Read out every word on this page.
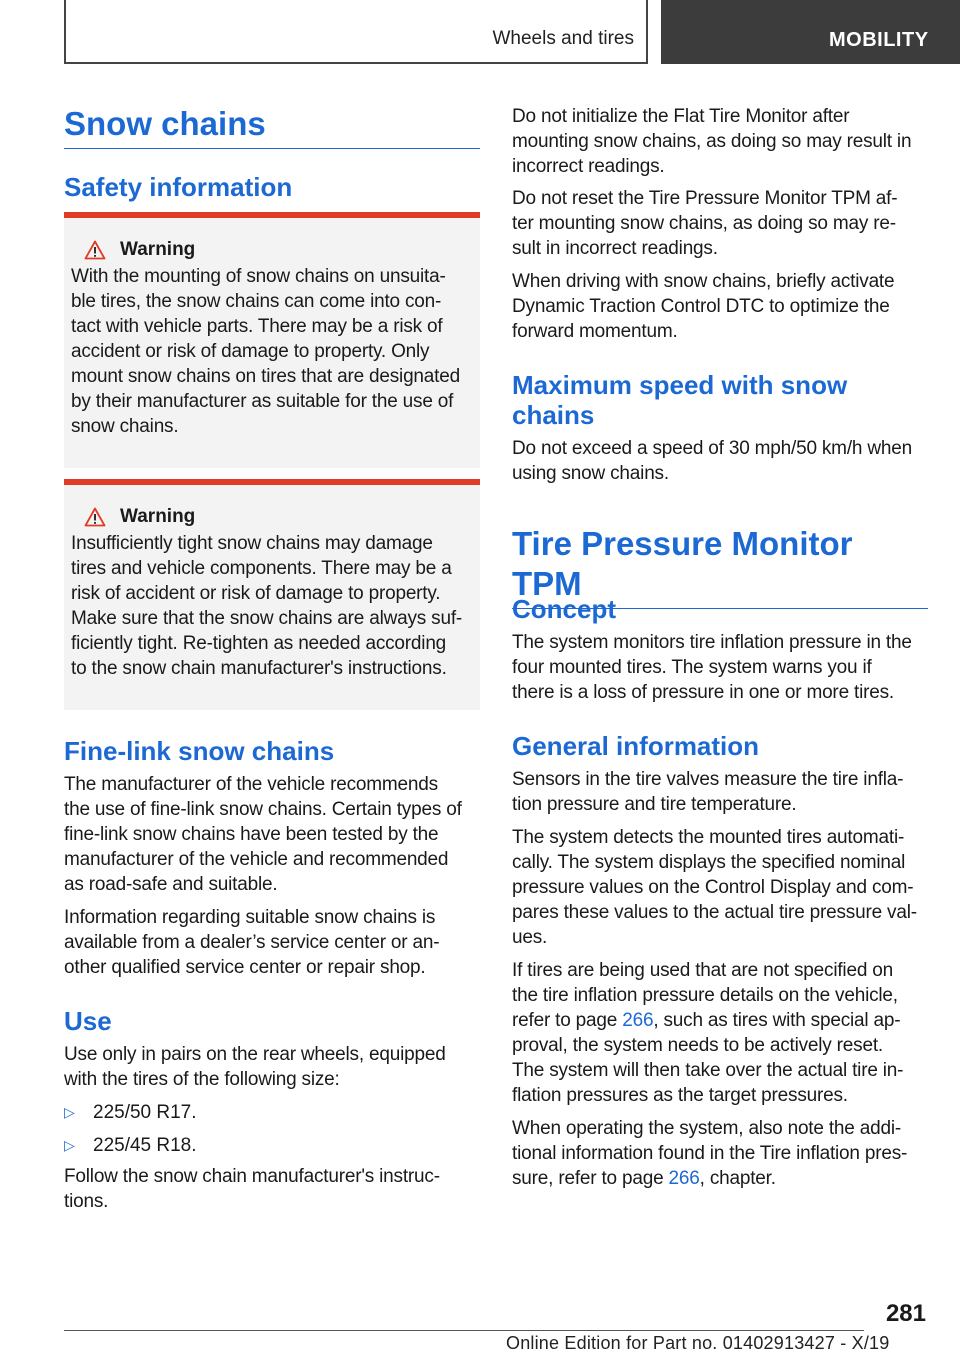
Wheels and tires	MOBILITY
Snow chains
Safety information
Warning

With the mounting of snow chains on unsuita-
ble tires, the snow chains can come into con-
tact with vehicle parts. There may be a risk of
accident or risk of damage to property. Only
mount snow chains on tires that are designated
by their manufacturer as suitable for the use of
snow chains.

Warning

Insufficiently tight snow chains may damage
tires and vehicle components. There may be a
risk of accident or risk of damage to property.
Make sure that the snow chains are always suf-
ficiently tight. Re-tighten as needed according
to the snow chain manufacturer's instructions.

Fine-link snow chains

The manufacturer of the vehicle recommends
the use of fine-link snow chains. Certain types of
fine-link snow chains have been tested by the
manufacturer of the vehicle and recommended
as road-safe and suitable.

Information regarding suitable snow chains is
available from a dealer’s service center or an-
other qualified service center or repair shop.

Use

Use only in pairs on the rear wheels, equipped
with the tires of the following size:

▷ 225/50 R17.
▷ 225/45 R18.

Follow the snow chain manufacturer's instruc-
tions.

Do not initialize the Flat Tire Monitor after
mounting snow chains, as doing so may result in
incorrect readings.

Do not reset the Tire Pressure Monitor TPM af-
ter mounting snow chains, as doing so may re-
sult in incorrect readings.

When driving with snow chains, briefly activate
Dynamic Traction Control DTC to optimize the
forward momentum.

Maximum speed with snow
chains

Do not exceed a speed of 30 mph/50 km/h when
using snow chains.

Tire Pressure Monitor TPM
Concept

The system monitors tire inflation pressure in the
four mounted tires. The system warns you if
there is a loss of pressure in one or more tires.

General information

Sensors in the tire valves measure the tire infla-
tion pressure and tire temperature.

The system detects the mounted tires automati-
cally. The system displays the specified nominal
pressure values on the Control Display and com-
pares these values to the actual tire pressure val-
ues.

If tires are being used that are not specified on
the tire inflation pressure details on the vehicle,
refer to page 266, such as tires with special ap-
proval, the system needs to be actively reset.
The system will then take over the actual tire in-
flation pressures as the target pressures.

When operating the system, also note the addi-
tional information found in the Tire inflation pres-
sure, refer to page 266, chapter.

281
Online Edition for Part no. 01402913427 - X/19
